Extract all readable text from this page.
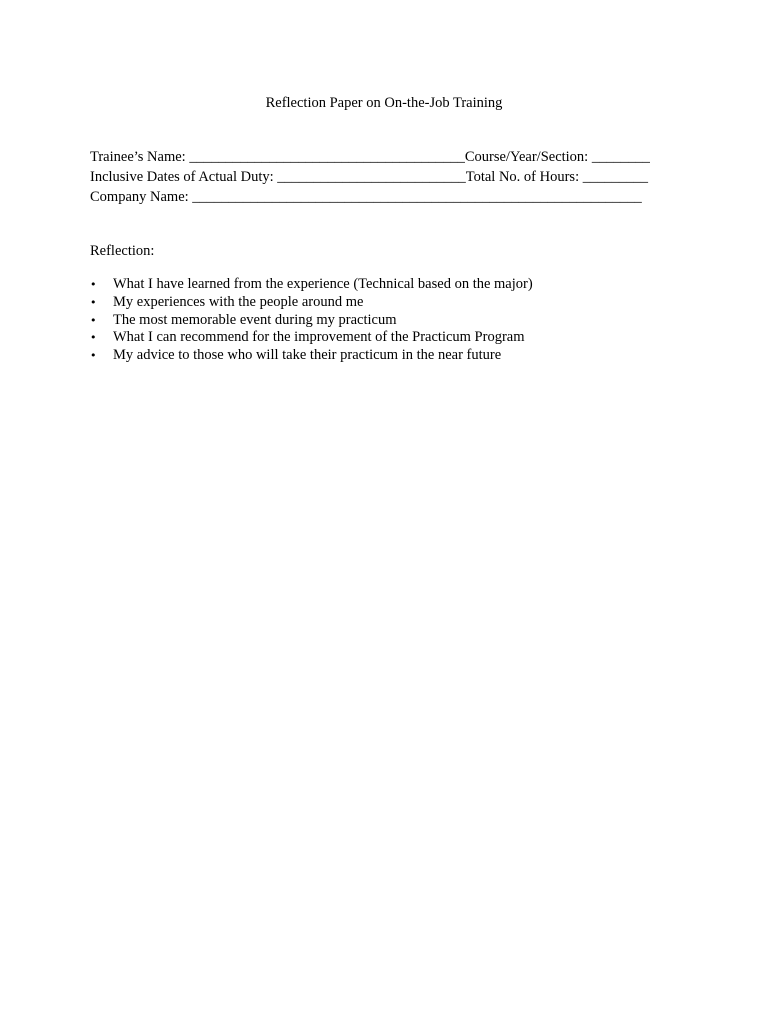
Reflection Paper on On-the-Job Training
Trainee’s Name: ______________________________________Course/Year/Section: ________
Inclusive Dates of Actual Duty: __________________________Total No. of Hours: _________
Company Name: ______________________________________________________________
Reflection:
• What I have learned from the experience (Technical based on the major)
• My experiences with the people around me
• The most memorable event during my practicum
• What I can recommend for the improvement of the Practicum Program
• My advice to those who will take their practicum in the near future
